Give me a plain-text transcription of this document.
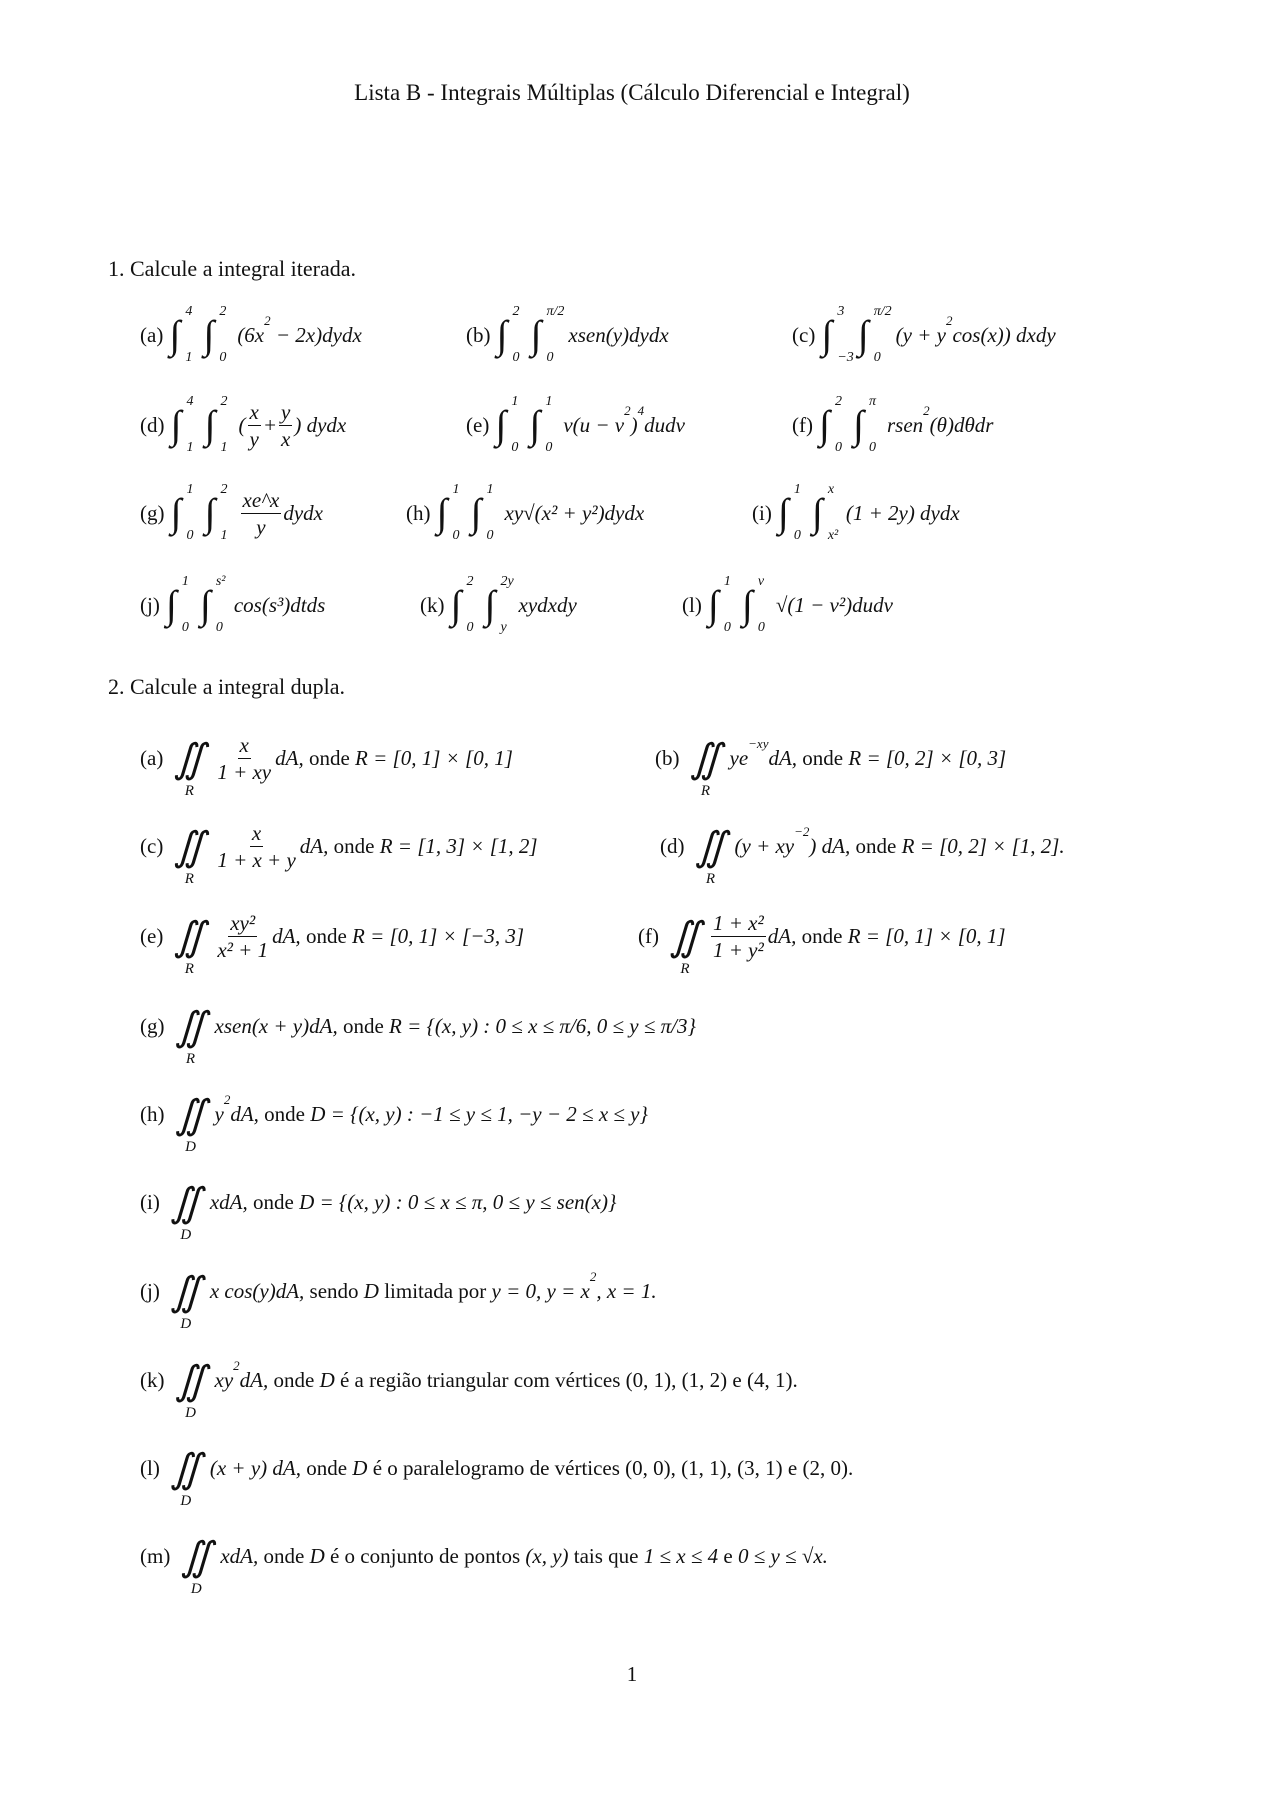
Lista B - Integrais Múltiplas (Cálculo Diferencial e Integral)
1. Calcule a integral iterada.
2. Calcule a integral dupla.
(a) ∫
4
1
∫
2
0
(6x
$^2$
− 2x)dydx	(b) ∫
2
0
∫
π/2
0
xsen(y)dydx	(c) ∫
3
−3
∫
π/2
0
(y + y
$^2$
cos(x)) dxdy
(d) ∫
4
1
∫
2
1
( $\frac{x}{y} + \frac{y}{x}$ ) dydx	(e) ∫
1
0
∫
1
0
v(u − v
$^2$
)
$^4$
dudv	(f) ∫
2
0
∫
π
0
rsen
$^2$
(θ)dθdr
(g) ∫
1
0
∫
2
$1 \frac{xe\^{}x}{y}$ dydx	(h) ∫
1
0
∫
1
0
xy√(x² + y²)dydx	(i) ∫
1
0
∫
x
x²
(1 + 2y) dydx
(j) ∫
1
0
∫
s²
0
cos(s³)dtds	(k) ∫
2
0
∫
2y
y
xydxdy	(l) ∫
1
0
∫
v
0
√(1 − v²)dudv
(a) ∬
R
$\frac{x}{1 + xy}$ dA, onde R = [0, 1] × [0, 1]	(b) ∬
R
ye
$^{-xy}$
dA, onde R = [0, 2] × [0, 3]
(c) ∬
R
$\frac{x}{1 + x + y}$ dA, onde R = [1, 3] × [1, 2]	(d) ∬
R
(y + xy
$^{-2}$
) dA, onde R = [0, 2] × [1, 2].
(e) ∬
R
$\frac{\text{xy²}}{\text{x² + 1}}$ dA, onde R = [0, 1] × [−3, 3]	(f) ∬
R
$\frac{\text{1 + x²}}{\text{1 + y²}}$ dA, onde R = [0, 1] × [0, 1]
(g) ∬
R
xsen(x + y)dA, onde R = {(x, y) : 0 ≤ x ≤ π/6, 0 ≤ y ≤ π/3}
(h) ∬
D
y
$^2$
dA, onde D = {(x, y) : −1 ≤ y ≤ 1, −y − 2 ≤ x ≤ y}
(i) ∬
D
xdA, onde D = {(x, y) : 0 ≤ x ≤ π, 0 ≤ y ≤ sen(x)}
(j) ∬
D
x cos(y)dA, sendo D limitada por y = 0, y = x
$^2$
, x = 1.
(k) ∬
D
xy
$^2$
dA, onde D é a região triangular com vértices (0, 1), (1, 2) e (4, 1).
(l) ∬
D
(x + y) dA, onde D é o paralelogramo de vértices (0, 0), (1, 1), (3, 1) e (2, 0).
(m) ∬
D
xdA, onde D é o conjunto de pontos (x, y) tais que 1 ≤ x ≤ 4 e 0 ≤ y ≤ √x.
1
